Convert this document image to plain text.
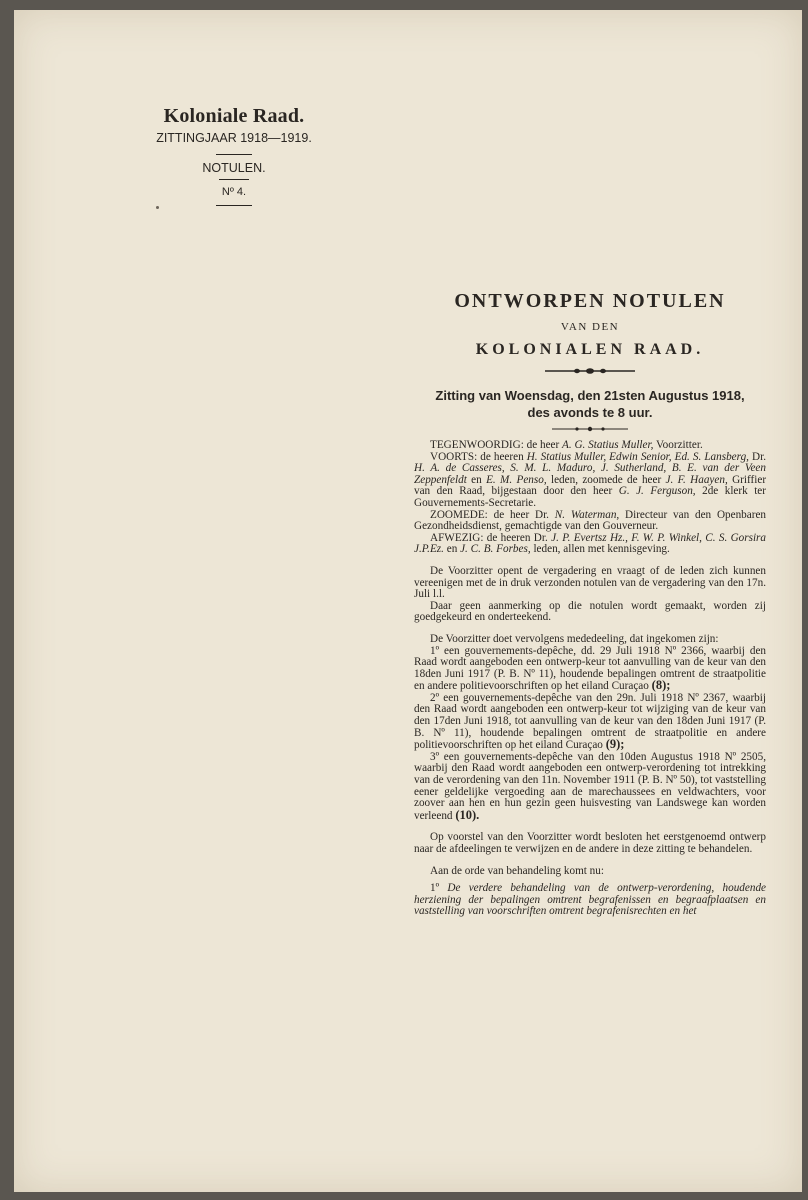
Koloniale Raad.
ZITTINGJAAR 1918—1919.
NOTULEN.
Nº 4.
ONTWORPEN NOTULEN
VAN DEN
KOLONIALEN RAAD.
Zitting van Woensdag, den 21sten Augustus 1918,
des avonds te 8 uur.

TEGENWOORDIG: de heer A. G. Statius Muller, Voorzitter.

VOORTS: de heeren H. Statius Muller, Edwin Senior, Ed. S. Lansberg, Dr. H. A. de Casseres, S. M. L. Maduro, J. Sutherland, B. E. van der Veen Zeppenfeldt en E. M. Penso, leden, zoomede de heer J. F. Haayen, Griffier van den Raad, bijgestaan door den heer G. J. Ferguson, 2de klerk ter Gouvernements-Secretarie.

ZOOMEDE: de heer Dr. N. Waterman, Directeur van den Openbaren Gezondheidsdienst, gemachtigde van den Gouverneur.

AFWEZIG: de heeren Dr. J. P. Evertsz Hz., F. W. P. Winkel, C. S. Gorsira J.P.Ez. en J. C. B. Forbes, leden, allen met kennisgeving.

De Voorzitter opent de vergadering en vraagt of de leden zich kunnen vereenigen met de in druk verzonden notulen van de vergadering van den 17n. Juli l.l.

Daar geen aanmerking op die notulen wordt gemaakt, worden zij goedgekeurd en onderteekend.

De Voorzitter doet vervolgens mededeeling, dat ingekomen zijn:

1º een gouvernements-depêche, dd. 29 Juli 1918 Nº 2366, waarbij den Raad wordt aangeboden een ontwerp-keur tot aanvulling van de keur van den 18den Juni 1917 (P. B. Nº 11), houdende bepalingen omtrent de straatpolitie en andere politievoorschriften op het eiland Curaçao (8);

2º een gouvernements-depêche van den 29n. Juli 1918 Nº 2367, waarbij den Raad wordt aangeboden een ontwerp-keur tot wijziging van de keur van den 17den Juni 1918, tot aanvulling van de keur van den 18den Juni 1917 (P. B. Nº 11), houdende bepalingen omtrent de straatpolitie en andere politievoorschriften op het eiland Curaçao (9);

3º een gouvernements-depêche van den 10den Augustus 1918 Nº 2505, waarbij den Raad wordt aangeboden een ontwerp-verordening tot intrekking van de verordening van den 11n. November 1911 (P. B. Nº 50), tot vaststelling eener geldelijke vergoeding aan de marechaussees en veldwachters, voor zoover aan hen en hun gezin geen huisvesting van Landswege kan worden verleend (10).

Op voorstel van den Voorzitter wordt besloten het eerstgenoemd ontwerp naar de afdeelingen te verwijzen en de andere in deze zitting te behandelen.

Aan de orde van behandeling komt nu:

1º De verdere behandeling van de ontwerp-verordening, houdende herziening der bepalingen omtrent begrafenissen en begraafplaatsen en vaststelling van voorschriften omtrent begrafenisrechten en het
